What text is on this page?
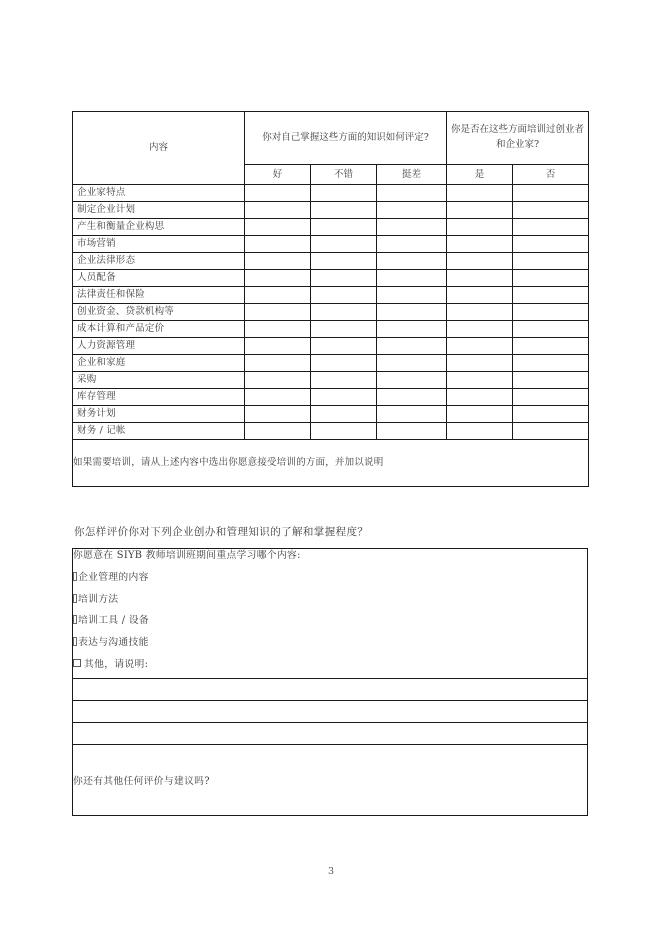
内容	你对自己掌握这些方面的知识如何评定?			你是否在这些方面培训过创业者和企业家?	

	好	不错	挺差	是	否
企业家特点					
制定企业计划					
产生和衡量企业构思					
市场营销					
企业法律形态					
人员配备					
法律责任和保险					
创业资金、贷款机构等					
成本计算和产品定价					
人力资源管理					
企业和家庭					
采购					
库存管理					
财务计划					
财务 / 记帐					
如果需要培训，请从上述内容中选出你愿意接受培训的方面，并加以说明					
你怎样评价你对下列企业创办和管理知识的了解和掌握程度？
你愿意在 SIYB 教师培训班期间重点学习哪个内容:
企业管理的内容
培训方法
培训工具 / 设备
表达与沟通技能
其他，请说明:

你还有其他任何评价与建议吗?
3
